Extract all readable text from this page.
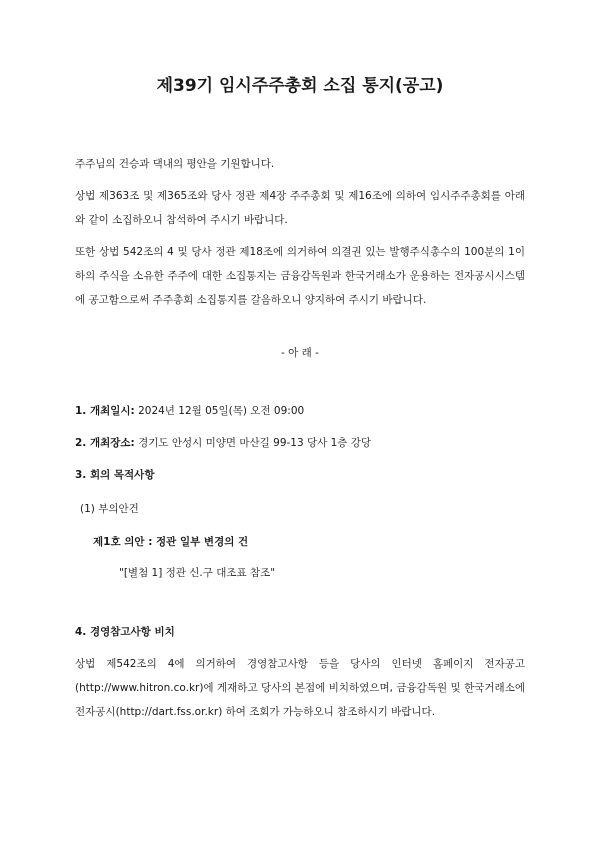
제39기 임시주주총회 소집 통지(공고)

주주님의 건승과 댁내의 평안을 기원합니다.

상법 제363조 및 제365조와 당사 정관 제4장 주주총회 및 제16조에 의하여 임시주주총회를 아래와 같이 소집하오니 참석하여 주시기 바랍니다.

또한 상법 542조의 4 및 당사 정관 제18조에 의거하여 의결권 있는 발행주식총수의 100분의 1이하의 주식을 소유한 주주에 대한 소집통지는 금융감독원과 한국거래소가 운용하는 전자공시시스템에 공고함으로써 주주총회 소집통지를 갈음하오니 양지하여 주시기 바랍니다.

- 아 래 -

1. 개최일시: 2024년 12월 05일(목) 오전 09:00

2. 개최장소: 경기도 안성시 미양면 마산길 99-13 당사 1층 강당

3. 회의 목적사항

(1) 부의안건

제1호 의안 : 정관 일부 변경의 건

"[별첨 1] 정관 신.구 대조표 참조"

4. 경영참고사항 비치

상법 제542조의 4에 의거하여 경영참고사항 등을 당사의 인터넷 홈페이지 전자공고(http://www.hitron.co.kr)에 게재하고 당사의 본점에 비치하였으며, 금융감독원 및 한국거래소에 전자공시(http://dart.fss.or.kr) 하여 조회가 가능하오니 참조하시기 바랍니다.
